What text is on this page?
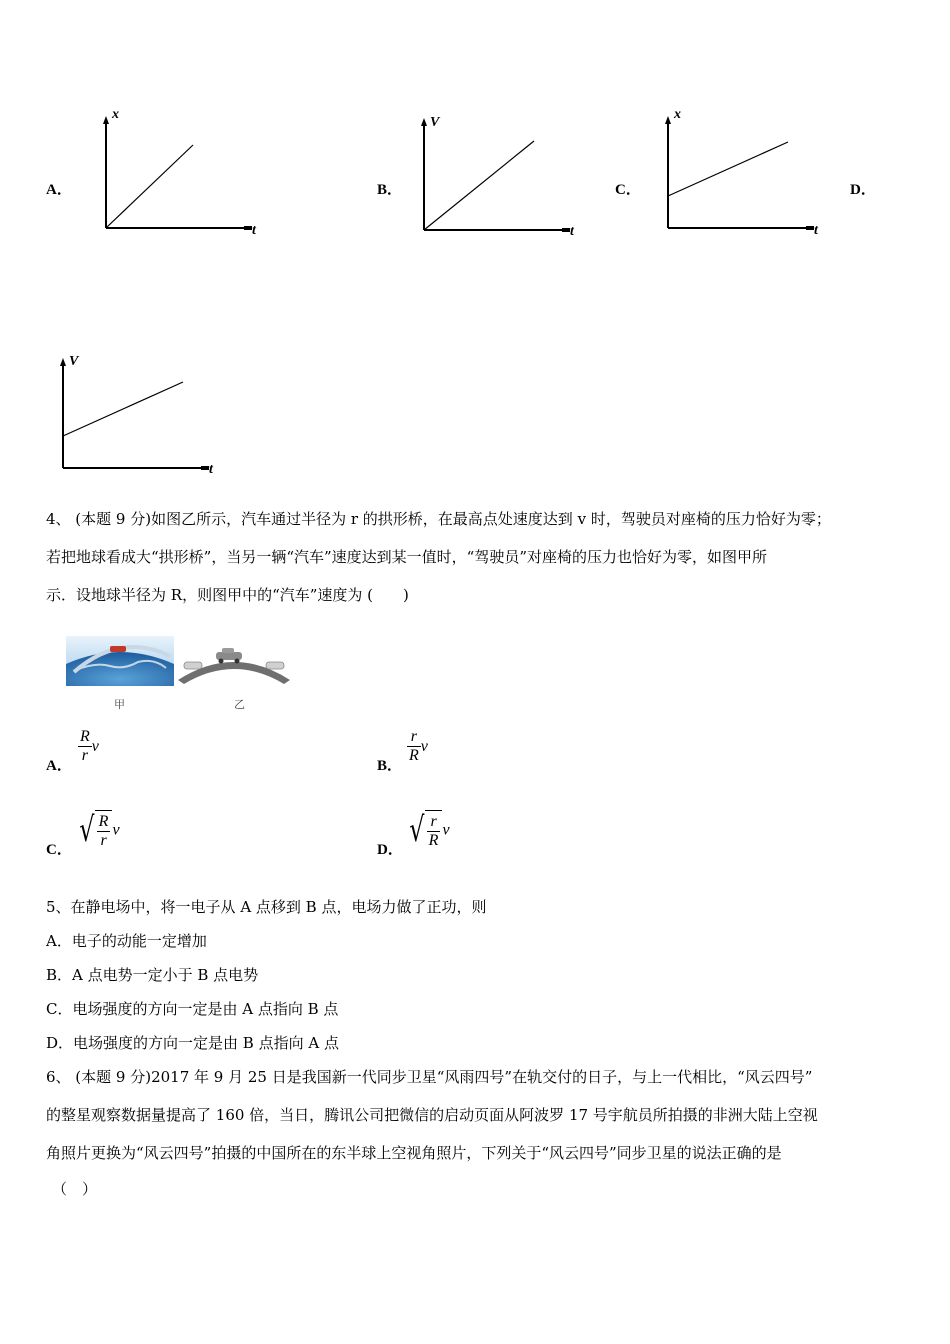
A．
x
t
B．
V
t
C．
x
t
D．
V
t
4、 (本题 9 分)如图乙所示，汽车通过半径为 r 的拱形桥，在最高点处速度达到 v 时，驾驶员对座椅的压力恰好为零；
若把地球看成大“拱形桥”，当另一辆“汽车”速度达到某一值时，“驾驶员”对座椅的压力也恰好为零，如图甲所
示．设地球半径为 R，则图甲中的“汽车”速度为 (　　)
甲	乙
A．
$\frac{R}{r}$ v
B．
$\frac{r}{R}$ v
C． √ $\frac{R}{r}$ v
D． √ $\frac{r}{R}$ v
5、在静电场中，将一电子从 A 点移到 B 点，电场力做了正功，则
A．电子的动能一定增加
B．A 点电势一定小于 B 点电势
C．电场强度的方向一定是由 A 点指向 B 点
D．电场强度的方向一定是由 B 点指向 A 点
6、 (本题 9 分)2017 年 9 月 25 日是我国新一代同步卫星“风雨四号”在轨交付的日子，与上一代相比，“风云四号”
的整星观察数据量提高了 160 倍，当日，腾讯公司把微信的启动页面从阿波罗 17 号宇航员所拍摄的非洲大陆上空视
角照片更换为“风云四号”拍摄的中国所在的东半球上空视角照片，下列关于“风云四号”同步卫星的说法正确的是
（　）
